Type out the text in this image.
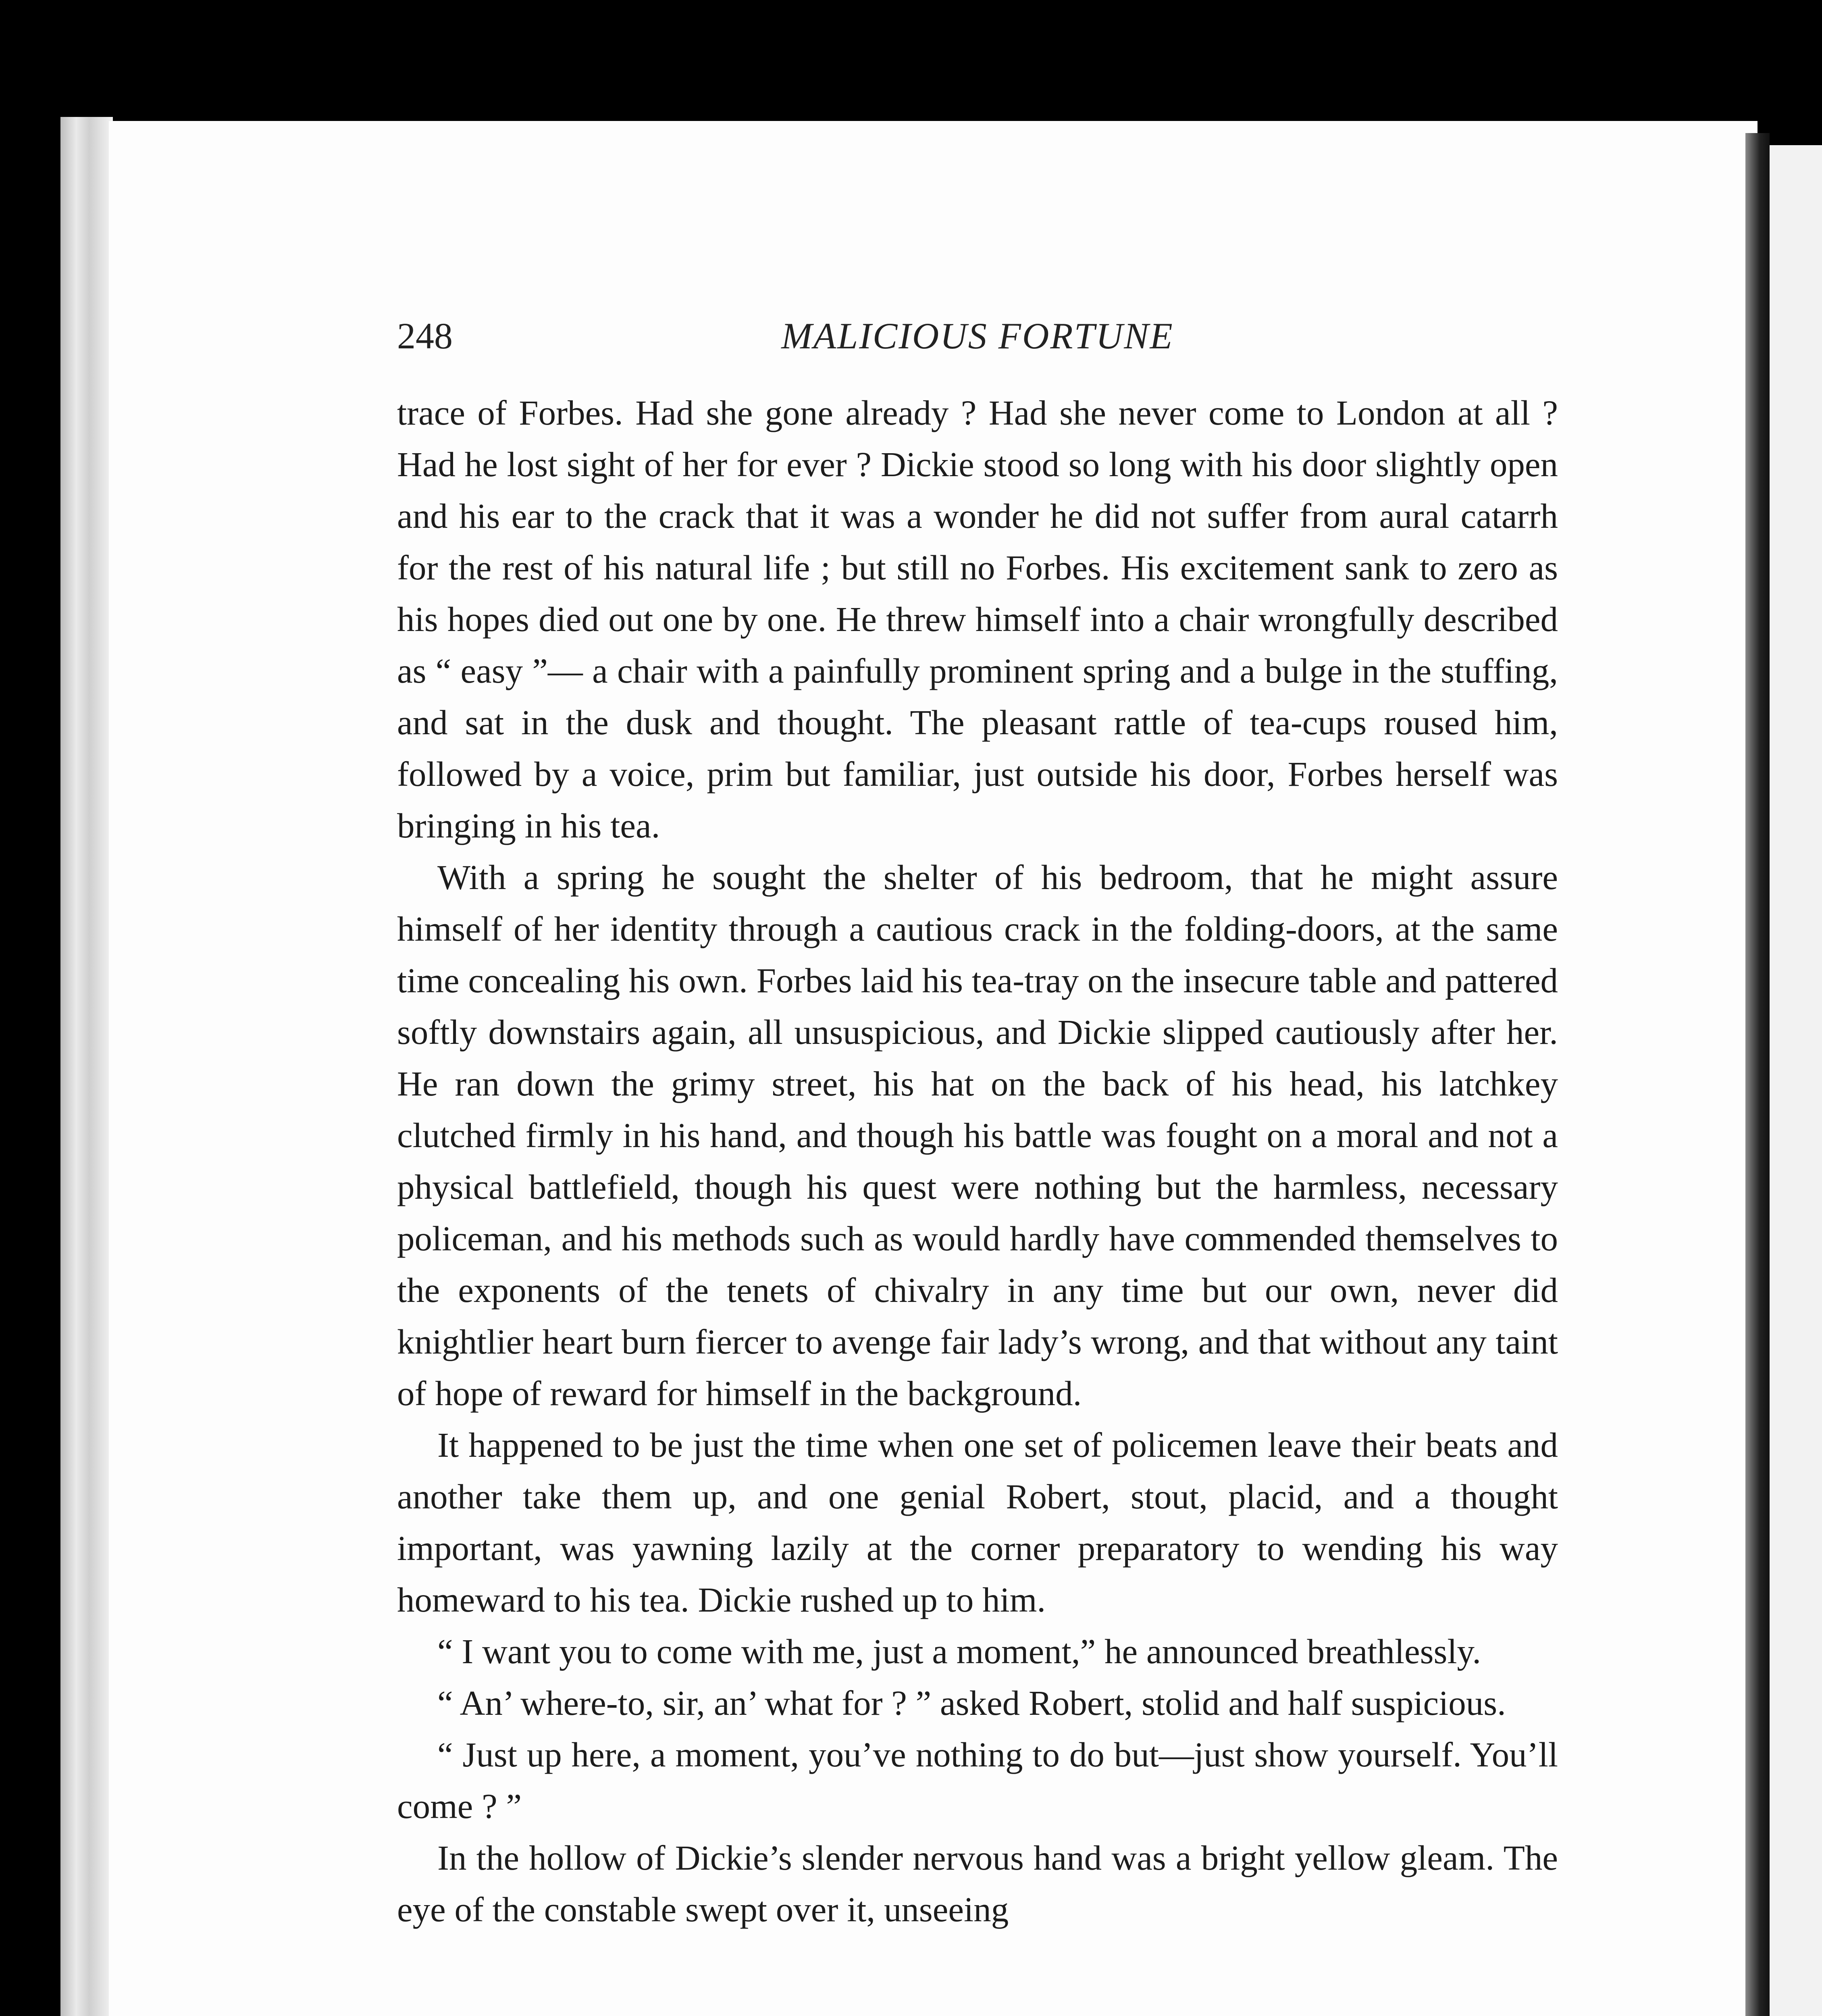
248	MALICIOUS FORTUNE

trace of Forbes. Had she gone already ? Had she never come to London at all ? Had he lost sight of her for ever ? Dickie stood so long with his door slightly open and his ear to the crack that it was a wonder he did not suffer from aural catarrh for the rest of his natural life ; but still no Forbes. His excitement sank to zero as his hopes died out one by one. He threw himself into a chair wrongfully described as “ easy ”— a chair with a painfully prominent spring and a bulge in the stuffing, and sat in the dusk and thought. The pleasant rattle of tea-cups roused him, followed by a voice, prim but familiar, just outside his door, Forbes herself was bringing in his tea.

With a spring he sought the shelter of his bedroom, that he might assure himself of her identity through a cautious crack in the folding-doors, at the same time concealing his own. Forbes laid his tea-tray on the insecure table and pattered softly downstairs again, all unsuspicious, and Dickie slipped cautiously after her. He ran down the grimy street, his hat on the back of his head, his latchkey clutched firmly in his hand, and though his battle was fought on a moral and not a physical battlefield, though his quest were nothing but the harmless, necessary policeman, and his methods such as would hardly have commended themselves to the exponents of the tenets of chivalry in any time but our own, never did knightlier heart burn fiercer to avenge fair lady’s wrong, and that without any taint of hope of reward for himself in the background.

It happened to be just the time when one set of policemen leave their beats and another take them up, and one genial Robert, stout, placid, and a thought important, was yawning lazily at the corner preparatory to wending his way homeward to his tea. Dickie rushed up to him.

“ I want you to come with me, just a moment,” he announced breathlessly.

“ An’ where-to, sir, an’ what for ? ” asked Robert, stolid and half suspicious.

“ Just up here, a moment, you’ve nothing to do but—just show yourself. You’ll come ? ”

In the hollow of Dickie’s slender nervous hand was a bright yellow gleam. The eye of the constable swept over it, unseeing
